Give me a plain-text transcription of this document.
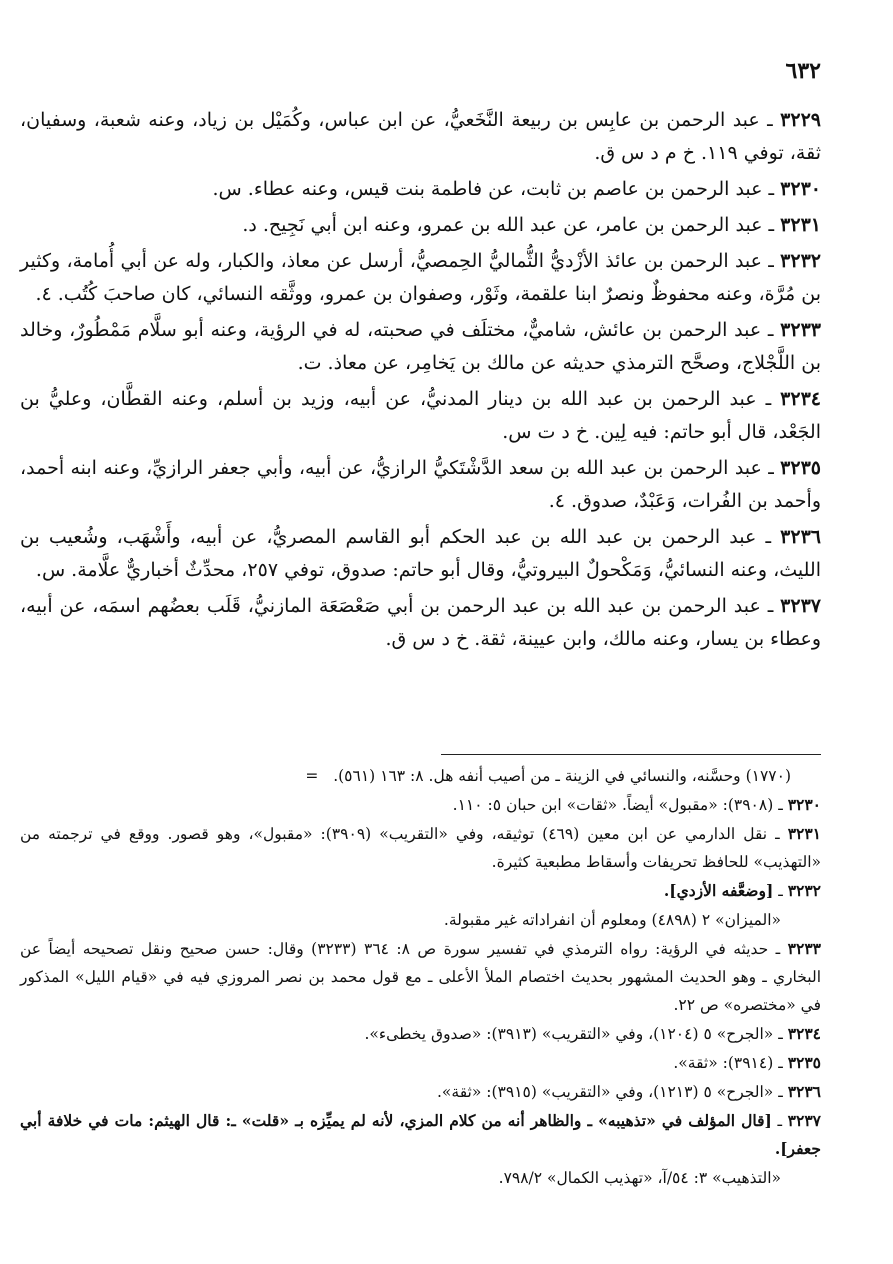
٦٣٢
٣٢٢٩ ـ عبد الرحمن بن عابِس بن ربيعة النَّخَعيُّ، عن ابن عباس، وكُمَيْل بن زياد، وعنه شعبة، وسفيان، ثقة، توفي ١١٩. خ م د س ق.
٣٢٣٠ ـ عبد الرحمن بن عاصم بن ثابت، عن فاطمة بنت قيس، وعنه عطاء. س.
٣٢٣١ ـ عبد الرحمن بن عامر، عن عبد الله بن عمرو، وعنه ابن أبي نَجِيح. د.
٣٢٣٢ ـ عبد الرحمن بن عائذ الأزْديُّ الثُّماليُّ الحِمصيُّ، أرسل عن معاذ، والكبار، وله عن أبي أُمامة، وكثير بن مُرَّة، وعنه محفوظٌ ونصرٌ ابنا علقمة، وثَوْر، وصفوان بن عمرو، ووثَّقه النسائي، كان صاحبَ كُتُب. ٤.
٣٢٣٣ ـ عبد الرحمن بن عائش، شاميٌّ، مختلَف في صحبته، له في الرؤية، وعنه أبو سلَّام مَمْطُورٌ، وخالد بن اللَّجْلاج، وصحَّح الترمذي حديثه عن مالك بن يَخامِر، عن معاذ. ت.
٣٢٣٤ ـ عبد الرحمن بن عبد الله بن دينار المدنيُّ، عن أبيه، وزيد بن أسلم، وعنه القطَّان، وعليُّ بن الجَعْد، قال أبو حاتم: فيه لِين. خ د ت س.
٣٢٣٥ ـ عبد الرحمن بن عبد الله بن سعد الدَّشْتَكيُّ الرازيُّ، عن أبيه، وأبي جعفر الرازيِّ، وعنه ابنه أحمد، وأحمد بن الفُرات، وَعَبْدٌ، صدوق. ٤.
٣٢٣٦ ـ عبد الرحمن بن عبد الله بن عبد الحكم أبو القاسم المصريُّ، عن أبيه، وأَشْهَب، وشُعيب بن الليث، وعنه النسائيُّ، وَمَكْحولٌ البيروتيُّ، وقال أبو حاتم: صدوق، توفي ٢٥٧، محدِّثٌ أخباريٌّ علَّامة. س.
٣٢٣٧ ـ عبد الرحمن بن عبد الله بن عبد الرحمن بن أبي صَعْصَعَة المازنيُّ، قَلَب بعضُهم اسمَه، عن أبيه، وعطاء بن يسار، وعنه مالك، وابن عيينة، ثقة. خ د س ق.
(١٧٧٠) وحسَّنه، والنسائي في الزينة ـ من أصيب أنفه هل. ٨: ١٦٣ (٥٦١).   =
٣٢٣٠ ـ (٣٩٠٨): «مقبول» أيضاً. «ثقات» ابن حبان ٥: ١١٠.
٣٢٣١ ـ نقل الدارمي عن ابن معين (٤٦٩) توثيقه، وفي «التقريب» (٣٩٠٩): «مقبول»، وهو قصور. ووقع في ترجمته من «التهذيب» للحافظ تحريفات وأسقاط مطبعية كثيرة.
٣٢٣٢ ـ [وضعَّفه الأزدي].
«الميزان» ٢ (٤٨٩٨) ومعلوم أن انفراداته غير مقبولة.
٣٢٣٣ ـ حديثه في الرؤية: رواه الترمذي في تفسير سورة ص ٨: ٣٦٤ (٣٢٣٣) وقال: حسن صحيح ونقل تصحيحه أيضاً عن البخاري ـ وهو الحديث المشهور بحديث اختصام الملأ الأعلى ـ مع قول محمد بن نصر المروزي فيه في «قيام الليل» المذكور في «مختصره» ص ٢٢.
٣٢٣٤ ـ «الجرح» ٥ (١٢٠٤)، وفي «التقريب» (٣٩١٣): «صدوق يخطىء».
٣٢٣٥ ـ (٣٩١٤): «ثقة».
٣٢٣٦ ـ «الجرح» ٥ (١٢١٣)، وفي «التقريب» (٣٩١٥): «ثقة».
٣٢٣٧ ـ [قال المؤلف في «تذهيبه» ـ والظاهر أنه من كلام المزي، لأنه لم يميِّزه بـ «قلت» ـ: قال الهيثم: مات في خلافة أبي جعفر].
«التذهيب» ٣: ٥٤/آ، «تهذيب الكمال» ٧٩٨/٢.
